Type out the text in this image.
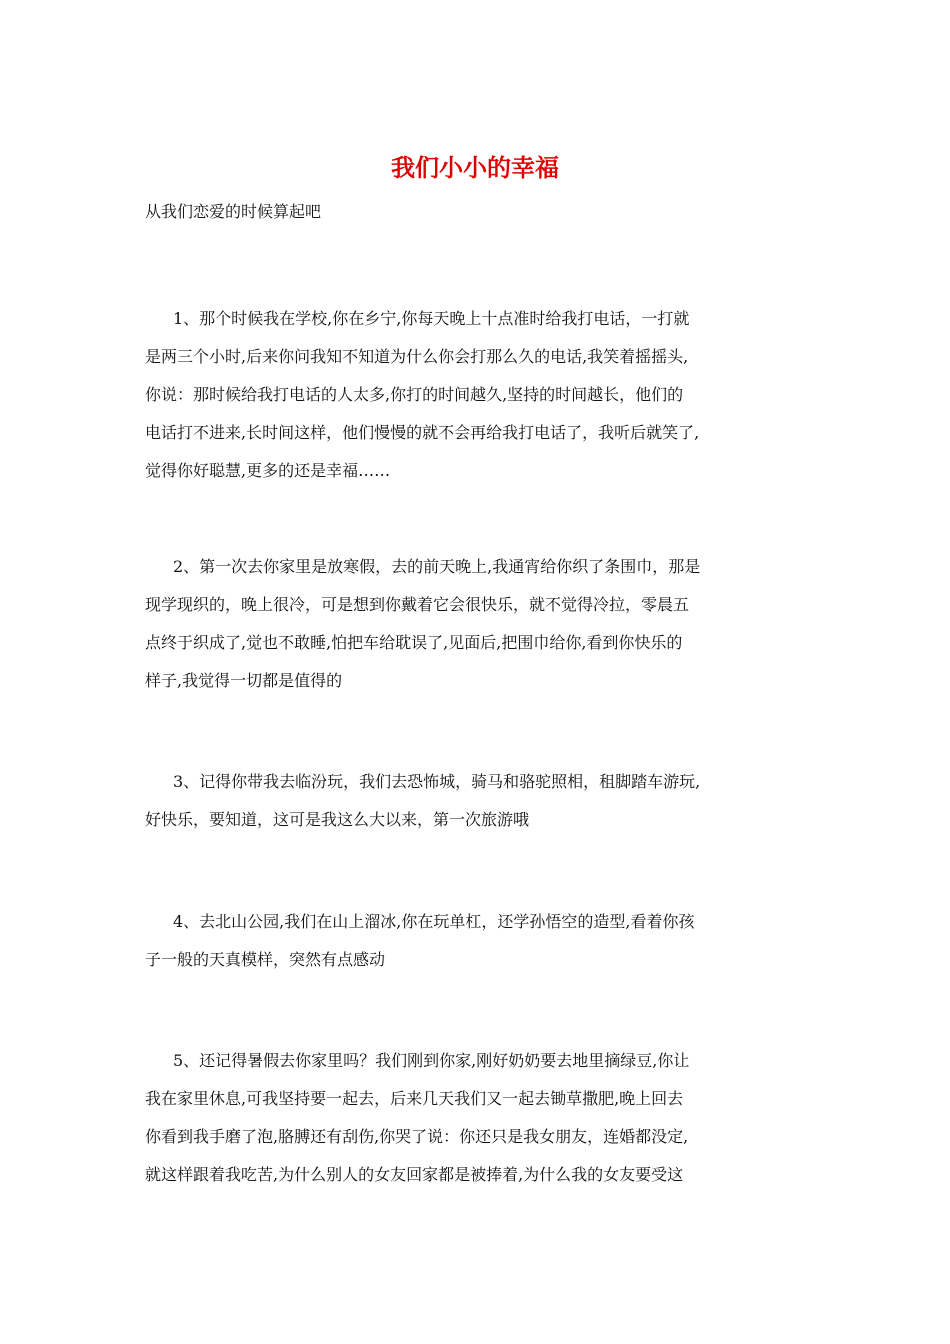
我们小小的幸福

从我们恋爱的时候算起吧

1、那个时候我在学校,你在乡宁,你每天晚上十点准时给我打电话，一打就
是两三个小时,后来你问我知不知道为什么你会打那么久的电话,我笑着摇摇头,
你说：那时候给我打电话的人太多,你打的时间越久,坚持的时间越长，他们的
电话打不进来,长时间这样，他们慢慢的就不会再给我打电话了，我听后就笑了,
觉得你好聪慧,更多的还是幸福……
2、第一次去你家里是放寒假，去的前天晚上,我通宵给你织了条围巾，那是
现学现织的，晚上很冷，可是想到你戴着它会很快乐，就不觉得冷拉，零晨五
点终于织成了,觉也不敢睡,怕把车给耽误了,见面后,把围巾给你,看到你快乐的
样子,我觉得一切都是值得的
3、记得你带我去临汾玩，我们去恐怖城，骑马和骆驼照相，租脚踏车游玩,
好快乐，要知道，这可是我这么大以来，第一次旅游哦
4、去北山公园,我们在山上溜冰,你在玩单杠，还学孙悟空的造型,看着你孩
子一般的天真模样，突然有点感动
5、还记得暑假去你家里吗？我们刚到你家,刚好奶奶要去地里摘绿豆,你让
我在家里休息,可我坚持要一起去，后来几天我们又一起去锄草撒肥,晚上回去
你看到我手磨了泡,胳膊还有刮伤,你哭了说：你还只是我女朋友，连婚都没定,
就这样跟着我吃苦,为什么别人的女友回家都是被捧着,为什么我的女友要受这
